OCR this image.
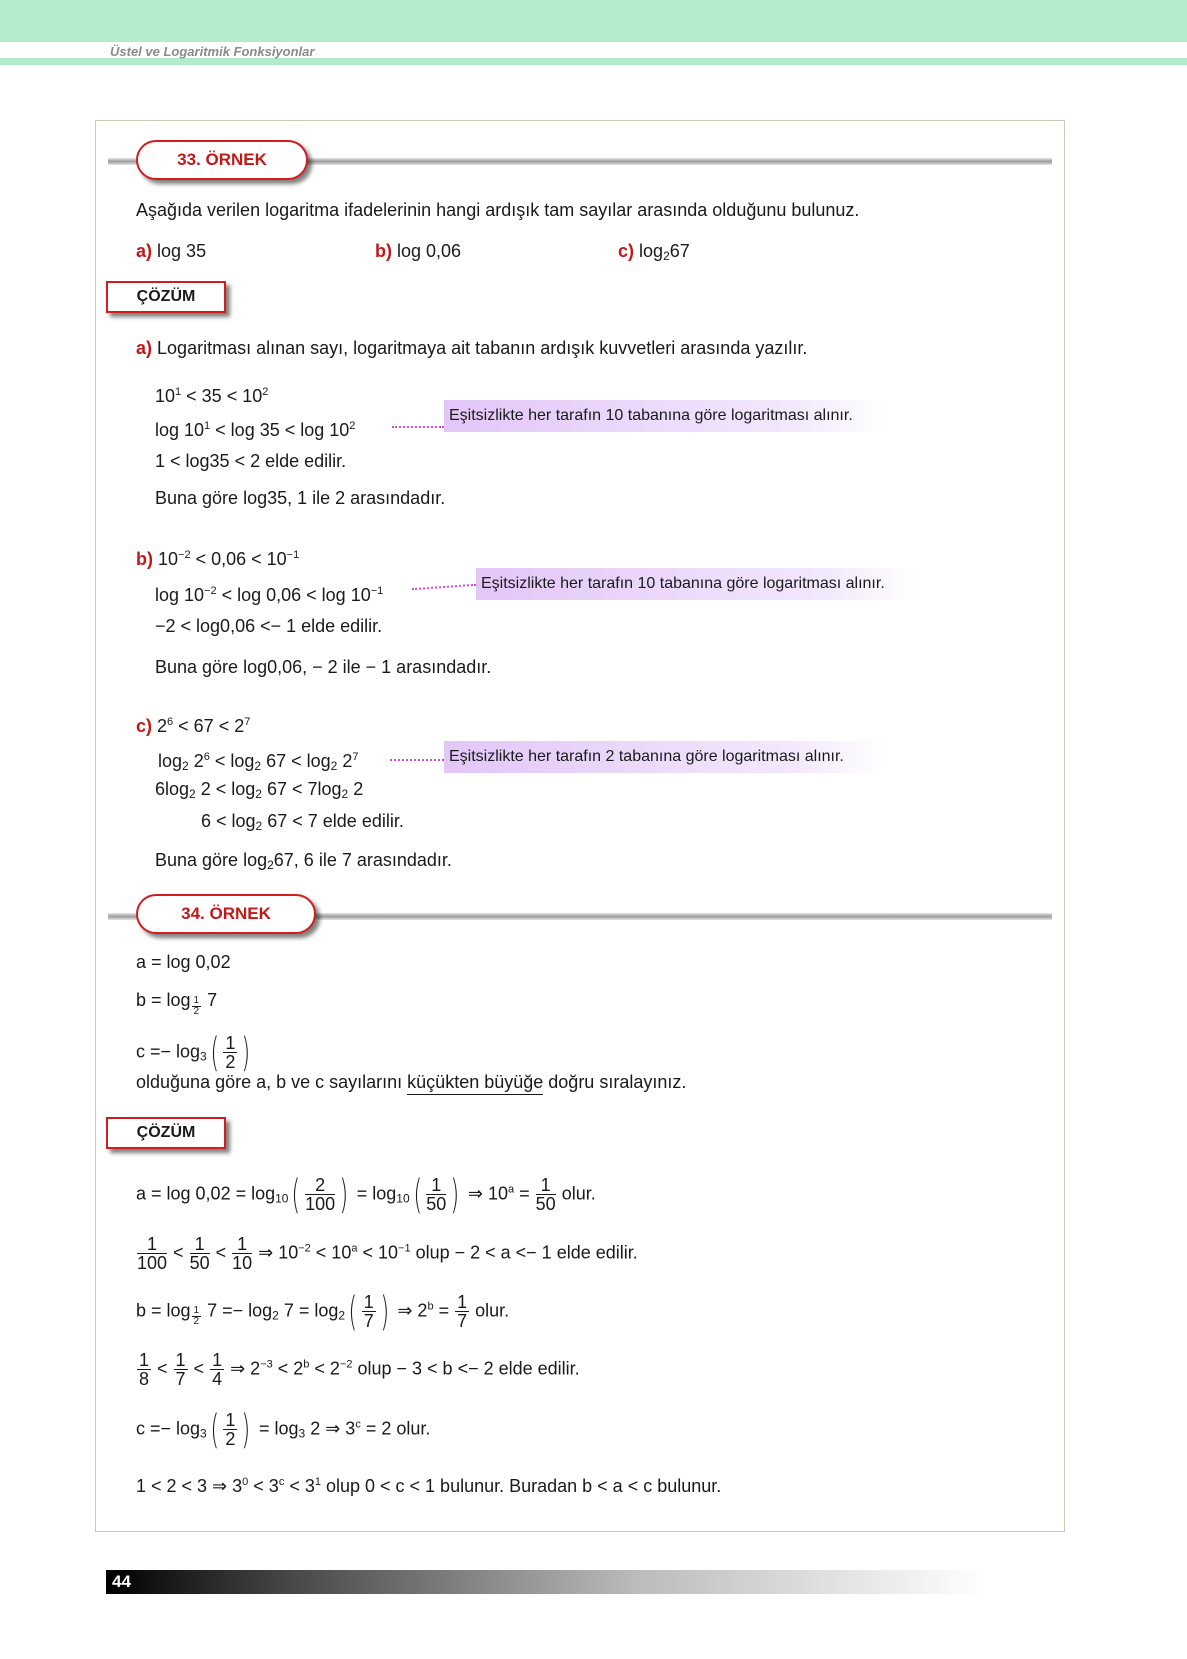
Üstel ve Logaritmik Fonksiyonlar
33. ÖRNEK
Aşağıda verilen logaritma ifadelerinin hangi ardışık tam sayılar arasında olduğunu bulunuz.
a) log 35	b) log 0,06	c) $\log_267$
ÇÖZÜM
a) Logaritması alınan sayı, logaritmaya ait tabanın ardışık kuvvetleri arasında yazılır.
$10^1 < 35 < 10^2$
$\log 10^1 < \log 35 < \log 10^2$
Eşitsizlikte her tarafın 10 tabanına göre logaritması alınır.
1 < log35 < 2 elde edilir.
Buna göre log35, 1 ile 2 arasındadır.
b) $10^{-2} < 0,06 < 10^{-1}$
$\log 10^{-2} < \log 0,06 < \log 10^{-1}$	Eşitsizlikte her tarafın 10 tabanına göre logaritması alınır.
−2 < log0,06 <− 1 elde edilir.
Buna göre log0,06, − 2 ile − 1 arasındadır.
c) $2^6 < 67 < 2^7$
$\log_2 2^6 < \log_2 67 < \log_2 2^7$	Eşitsizlikte her tarafın 2 tabanına göre logaritması alınır.
$6\log_2$ $2 < \log_2 67 < 7\log_2$ 2
$6 < \log_2 67 < 7$ elde edilir.
Buna göre $\log_267$, 6 ile 7 arasındadır.
34. ÖRNEK
a = log 0,02
$b = \log \frac{1}{2} 7$
$c =- \log_3( \frac{1}{2}$ )
olduğuna göre a, b ve c sayılarını küçükten büyüğe doğru sıralayınız.
ÇÖZÜM
$a = \log 0,02 = \log_{10}( \frac{2}{100}$ ) = $\log_{10}( \frac{1}{50}$ ) ⇒ $10^a = \frac{1}{50}$ olur.
$\frac{1}{100} < \frac{1}{50} < \frac{1}{10}$ ⇒ $10^{-2} < 10^a < 10^{-1}$ olup − 2 < a <− 1 elde edilir.
$b = \log \frac{1}{2} 7 =- \log_2 7 = \log_2( \frac{1}{7}$ ) ⇒ $2^b = \frac{1}{7}$ olur.
$\frac{1}{8} < \frac{1}{7} < \frac{1}{4}$ ⇒ $2^{-3} < 2^b < 2^{-2}$ olup − 3 < b <− 2 elde edilir.
$c =- \log_3( \frac{1}{2}$ ) = $\log_3 2$ ⇒ $3^c = 2$ olur.
1 < 2 < 3 ⇒ $3^0 < 3^c < 3^1$ olup 0 < c < 1 bulunur. Buradan b < a < c bulunur.
44
